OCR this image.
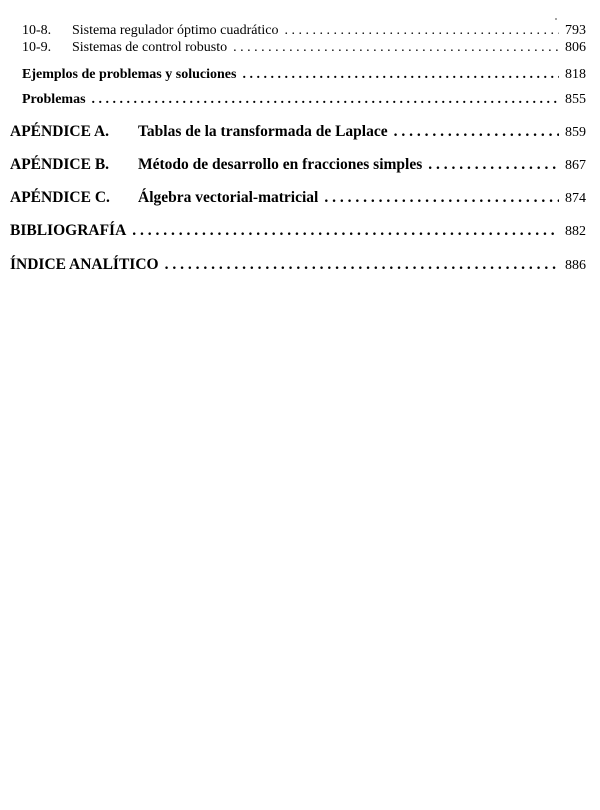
10-8.	Sistema regulador óptimo cuadrático . . .	793
10-9.	Sistemas de control robusto . . .	806
Ejemplos de problemas y soluciones . . .	818
Problemas . . .	855
APÉNDICE A.	Tablas de la transformada de Laplace . . .	859
APÉNDICE B.	Método de desarrollo en fracciones simples . . .	867
APÉNDICE C.	Álgebra vectorial-matricial . . .	874
BIBLIOGRAFÍA . . .	882
ÍNDICE ANALÍTICO . . .	886
